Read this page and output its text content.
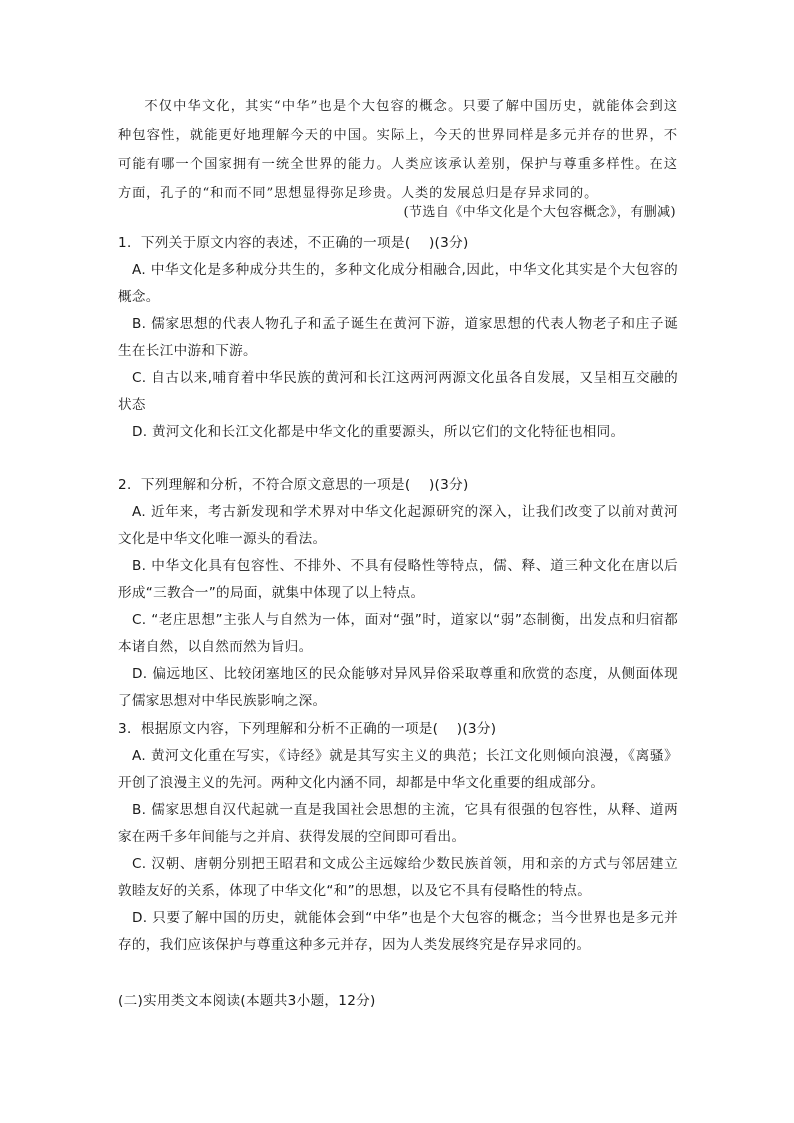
不仅中华文化，其实“中华”也是个大包容的概念。只要了解中国历史，就能体会到这种包容性，就能更好地理解今天的中国。实际上，今天的世界同样是多元并存的世界，不可能有哪一个国家拥有一统全世界的能力。人类应该承认差别，保护与尊重多样性。在这方面，孔子的“和而不同”思想显得弥足珍贵。人类的发展总归是存异求同的。

(节选自《中华文化是个大包容概念》，有删减)

1．下列关于原文内容的表述，不正确的一项是(　 )(3分)

A. 中华文化是多种成分共生的，多种文化成分相融合,因此，中华文化其实是个大包容的概念。

B. 儒家思想的代表人物孔子和孟子诞生在黄河下游，道家思想的代表人物老子和庄子诞生在长江中游和下游。

C. 自古以来,哺育着中华民族的黄河和长江这两河两源文化虽各自发展，又呈相互交融的状态

D. 黄河文化和长江文化都是中华文化的重要源头，所以它们的文化特征也相同。

2．下列理解和分析，不符合原文意思的一项是(　 )(3分)

A. 近年来，考古新发现和学术界对中华文化起源研究的深入，让我们改变了以前对黄河文化是中华文化唯一源头的看法。

B. 中华文化具有包容性、不排外、不具有侵略性等特点，儒、释、道三种文化在唐以后形成“三教合一”的局面，就集中体现了以上特点。

C. “老庄思想”主张人与自然为一体，面对“强”时，道家以“弱”态制衡，出发点和归宿都本诸自然，以自然而然为旨归。

D. 偏远地区、比较闭塞地区的民众能够对异风异俗采取尊重和欣赏的态度，从侧面体现了儒家思想对中华民族影响之深。

3．根据原文内容，下列理解和分析不正确的一项是(　 )(3分)

A. 黄河文化重在写实，《诗经》就是其写实主义的典范；长江文化则倾向浪漫，《离骚》开创了浪漫主义的先河。两种文化内涵不同，却都是中华文化重要的组成部分。

B. 儒家思想自汉代起就一直是我国社会思想的主流，它具有很强的包容性，从释、道两家在两千多年间能与之并肩、获得发展的空间即可看出。

C. 汉朝、唐朝分别把王昭君和文成公主远嫁给少数民族首领，用和亲的方式与邻居建立敦睦友好的关系，体现了中华文化“和”的思想，以及它不具有侵略性的特点。

D. 只要了解中国的历史，就能体会到“中华”也是个大包容的概念；当今世界也是多元并存的，我们应该保护与尊重这种多元并存，因为人类发展终究是存异求同的。

(二)实用类文本阅读(本题共3小题，12分)
